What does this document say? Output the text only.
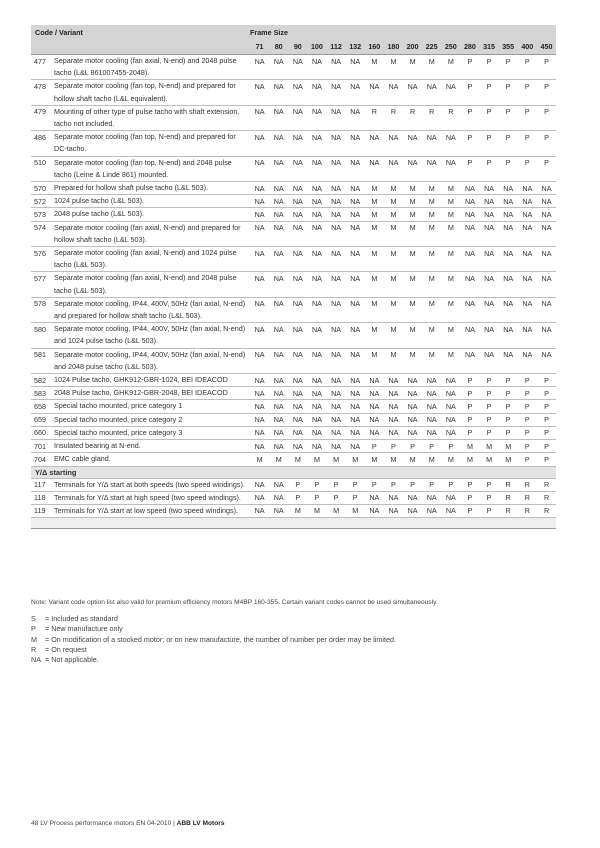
Code / Variant		Frame Size															
		71	80	90	100	112	132	160	180	200	225	250	280	315	355	400	450
477	Separate motor cooling (fan axial, N-end) and 2048 pulse tacho (L&L 861007455-2048).	NA	NA	NA	NA	NA	NA	M	M	M	M	M	P	P	P	P	P
478	Separate motor cooling (fan top, N-end) and prepared for hollow shaft tacho (L&L equivalent).	NA	NA	NA	NA	NA	NA	NA	NA	NA	NA	NA	P	P	P	P	P
479	Mounting of other type of pulse tacho with shaft extension, tacho not included.	NA	NA	NA	NA	NA	NA	R	R	R	R	R	P	P	P	P	P
486	Separate motor cooling (fan top, N-end) and prepared for DC-tacho.	NA	NA	NA	NA	NA	NA	NA	NA	NA	NA	NA	P	P	P	P	P
510	Separate motor cooling (fan top, N-end) and 2048 pulse tacho (Leine & Linde 861) mounted.	NA	NA	NA	NA	NA	NA	NA	NA	NA	NA	NA	P	P	P	P	P
570	Prepared for hollow shaft pulse tacho (L&L 503).	NA	NA	NA	NA	NA	NA	M	M	M	M	M	NA	NA	NA	NA	NA
572	1024 pulse tacho (L&L 503).	NA	NA	NA	NA	NA	NA	M	M	M	M	M	NA	NA	NA	NA	NA
573	2048 pulse tacho (L&L 503).	NA	NA	NA	NA	NA	NA	M	M	M	M	M	NA	NA	NA	NA	NA
574	Separate motor cooling (fan axial, N-end) and prepared for hollow shaft tacho (L&L 503).	NA	NA	NA	NA	NA	NA	M	M	M	M	M	NA	NA	NA	NA	NA
576	Separate motor cooling (fan axial, N-end) and 1024 pulse tacho (L&L 503).	NA	NA	NA	NA	NA	NA	M	M	M	M	M	NA	NA	NA	NA	NA
577	Separate motor cooling (fan axial, N-end) and 2048 pulse tacho (L&L 503).	NA	NA	NA	NA	NA	NA	M	M	M	M	M	NA	NA	NA	NA	NA
578	Separate motor cooling, IP44, 400V, 50Hz (fan axial, N-end) and prepared for hollow shaft tacho (L&L 503).	NA	NA	NA	NA	NA	NA	M	M	M	M	M	NA	NA	NA	NA	NA
580	Separate motor cooling, IP44, 400V, 50Hz (fan axial, N-end) and 1024 pulse tacho (L&L 503).	NA	NA	NA	NA	NA	NA	M	M	M	M	M	NA	NA	NA	NA	NA
581	Separate motor cooling, IP44, 400V, 50Hz (fan axial, N-end) and 2048 pulse tacho (L&L 503).	NA	NA	NA	NA	NA	NA	M	M	M	M	M	NA	NA	NA	NA	NA
582	1024 Pulse tacho, GHK912-GBR-1024, BEI IDEACOD	NA	NA	NA	NA	NA	NA	NA	NA	NA	NA	NA	P	P	P	P	P
583	2048 Pulse tacho, GHK912-GBR-2048, BEI IDEACOD	NA	NA	NA	NA	NA	NA	NA	NA	NA	NA	NA	P	P	P	P	P
658	Special tacho mounted, price category 1	NA	NA	NA	NA	NA	NA	NA	NA	NA	NA	NA	P	P	P	P	P
659	Special tacho mounted, price category 2	NA	NA	NA	NA	NA	NA	NA	NA	NA	NA	NA	P	P	P	P	P
660	Special tacho mounted, price category 3	NA	NA	NA	NA	NA	NA	NA	NA	NA	NA	NA	P	P	P	P	P
701	Insulated bearing at N-end.	NA	NA	NA	NA	NA	NA	P	P	P	P	P	M	M	M	P	P
704	EMC cable gland.	M	M	M	M	M	M	M	M	M	M	M	M	M	M	P	P
Y/Δ starting																	
117	Terminals for Y/Δ start at both speeds (two speed windings).	NA	NA	P	P	P	P	P	P	P	P	P	P	P	R	R	R
118	Terminals for Y/Δ start at high speed (two speed windings).	NA	NA	P	P	P	P	NA	NA	NA	NA	NA	P	P	R	R	R
119	Terminals for Y/Δ start at low speed (two speed windings).	NA	NA	M	M	M	M	NA	NA	NA	NA	NA	P	P	R	R	R

Note: Variant code option list also valid for premium efficiency motors M4BP 160-355. Certain variant codes cannot be used simultaneously.
S = Included as standard
P = New manufacture only
M = On modification of a stocked motor; or on new manufacture, the number of number per order may be limited.
R = On request
NA = Not applicable.
48 LV Process performance motors EN 04-2010 | ABB LV Motors
